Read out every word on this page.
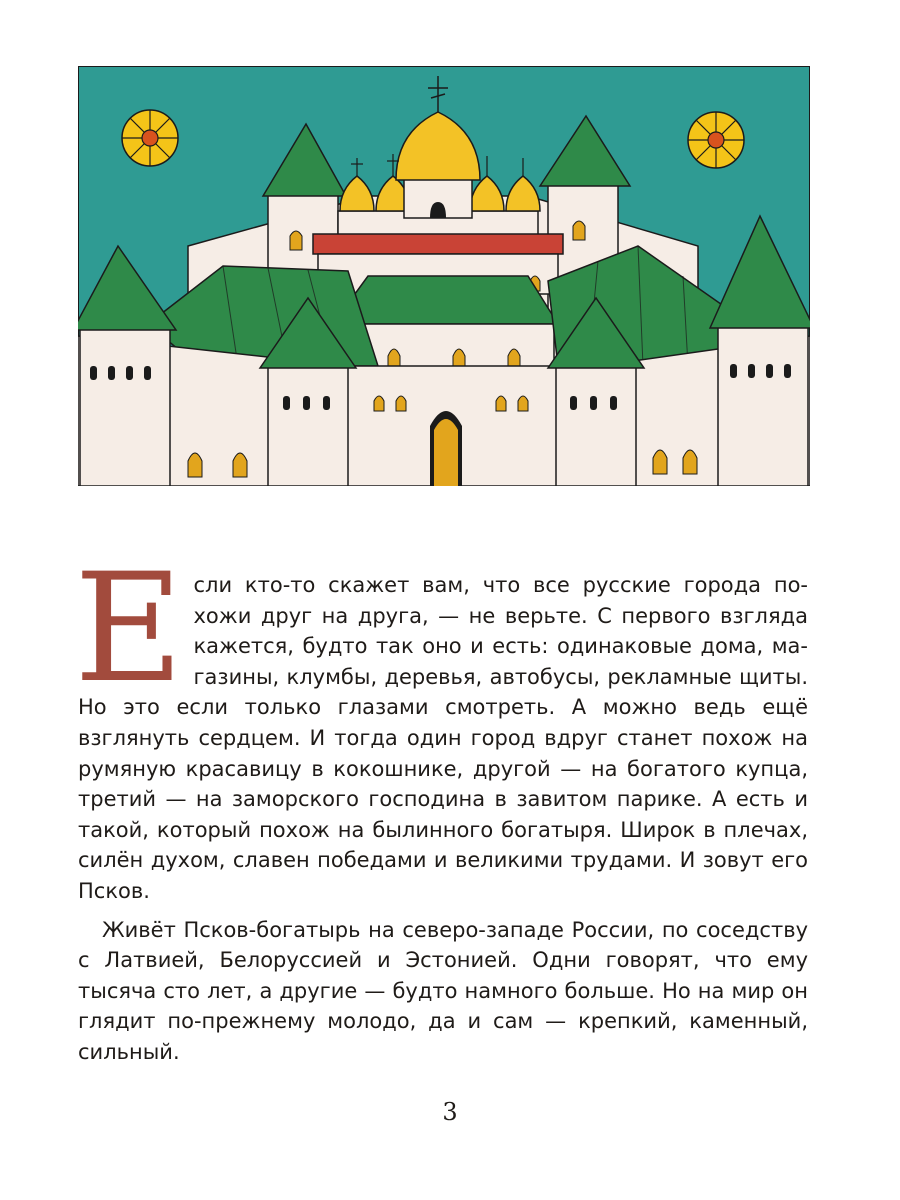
Если кто-то скажет вам, что все русские города похожи друг на друга, — не верьте. С первого взгляда кажется, будто так оно и есть: одинаковые дома, магазины, клумбы, деревья, автобусы, рекламные щиты. Но это если только глазами смотреть. А можно ведь ещё взглянуть сердцем. И тогда один город вдруг станет похож на румяную красавицу в кокошнике, другой — на богатого купца, третий — на заморского господина в завитом парике. А есть и такой, который похож на былинного богатыря. Широк в плечах, силён духом, славен победами и великими трудами. И зовут его Псков.

Живёт Псков-богатырь на северо-западе России, по соседству с Латвией, Белоруссией и Эстонией. Одни говорят, что ему тысяча сто лет, а другие — будто намного больше. Но на мир он глядит по-прежнему молодо, да и сам — крепкий, каменный, сильный.

3
